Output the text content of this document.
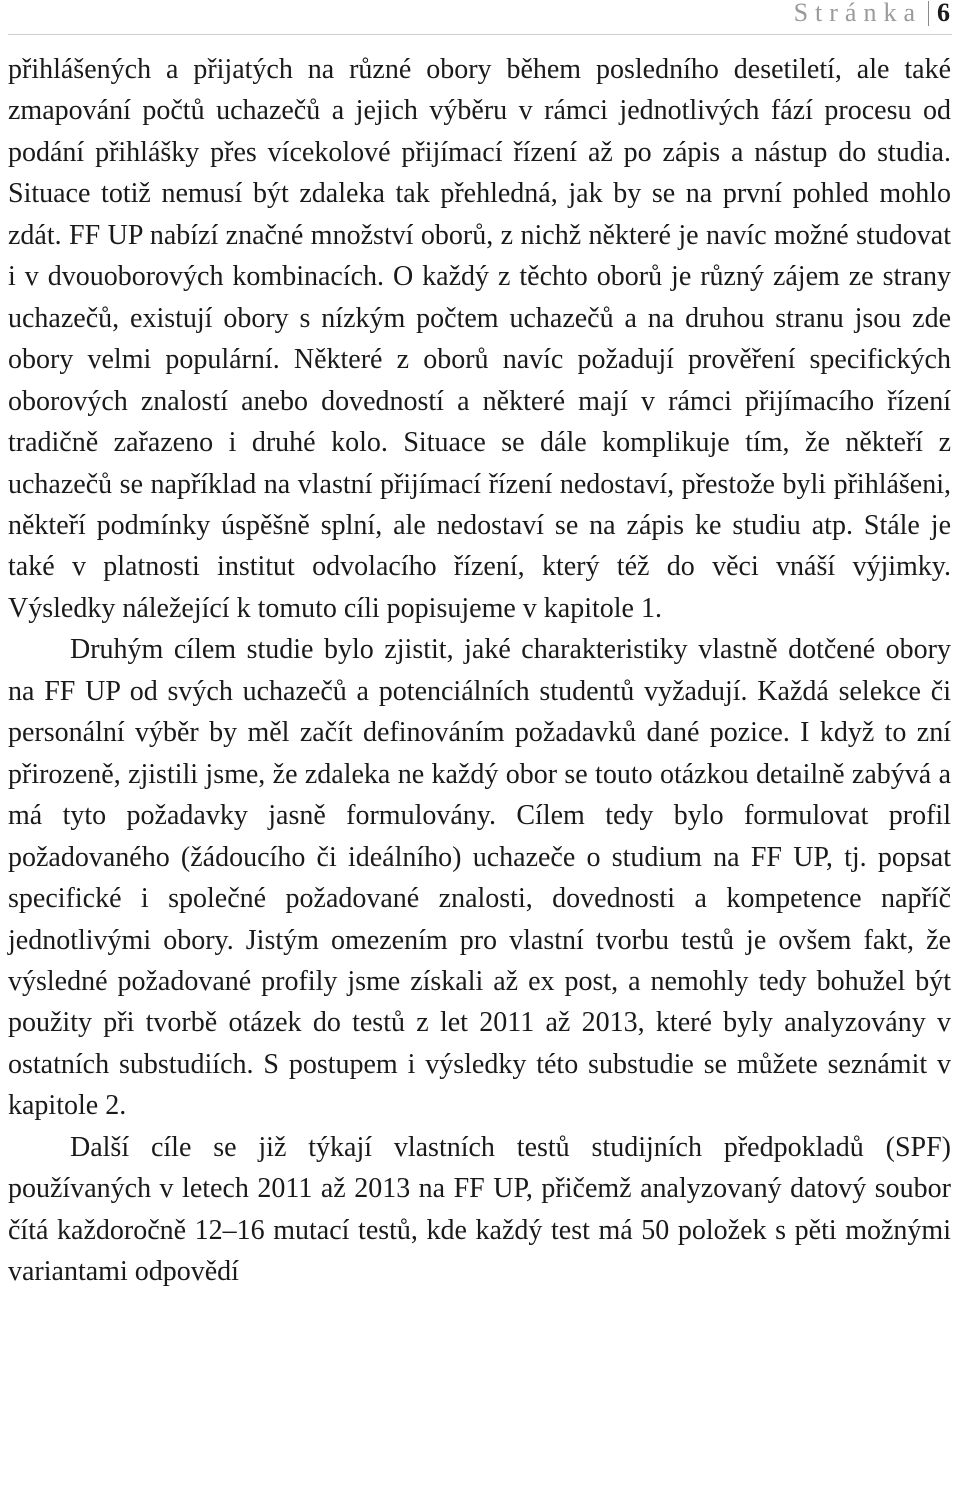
Stránka 6

přihlášených a přijatých na různé obory během posledního desetiletí, ale také zmapování počtů uchazečů a jejich výběru v rámci jednotlivých fází procesu od podání přihlášky přes vícekolové přijímací řízení až po zápis a nástup do studia. Situace totiž nemusí být zdaleka tak přehledná, jak by se na první pohled mohlo zdát. FF UP nabízí značné množství oborů, z nichž některé je navíc možné studovat i v dvouoborových kombinacích. O každý z těchto oborů je různý zájem ze strany uchazečů, existují obory s nízkým počtem uchazečů a na druhou stranu jsou zde obory velmi populární. Některé z oborů navíc požadují prověření specifických oborových znalostí anebo dovedností a některé mají v rámci přijímacího řízení tradičně zařazeno i druhé kolo. Situace se dále komplikuje tím, že někteří z uchazečů se například na vlastní přijímací řízení nedostaví, přestože byli přihlášeni, někteří podmínky úspěšně splní, ale nedostaví se na zápis ke studiu atp. Stále je také v platnosti institut odvolacího řízení, který též do věci vnáší výjimky. Výsledky náležející k tomuto cíli popisujeme v kapitole 1.

Druhým cílem studie bylo zjistit, jaké charakteristiky vlastně dotčené obory na FF UP od svých uchazečů a potenciálních studentů vyžadují. Každá selekce či personální výběr by měl začít definováním požadavků dané pozice. I když to zní přirozeně, zjistili jsme, že zdaleka ne každý obor se touto otázkou detailně zabývá a má tyto požadavky jasně formulovány. Cílem tedy bylo formulovat profil požadovaného (žádoucího či ideálního) uchazeče o studium na FF UP, tj. popsat specifické i společné požadované znalosti, dovednosti a kompetence napříč jednotlivými obory. Jistým omezením pro vlastní tvorbu testů je ovšem fakt, že výsledné požadované profily jsme získali až ex post, a nemohly tedy bohužel být použity při tvorbě otázek do testů z let 2011 až 2013, které byly analyzovány v ostatních substudiích. S postupem i výsledky této substudie se můžete seznámit v kapitole 2.

Další cíle se již týkají vlastních testů studijních předpokladů (SPF) používaných v letech 2011 až 2013 na FF UP, přičemž analyzovaný datový soubor čítá každoročně 12–16 mutací testů, kde každý test má 50 položek s pěti možnými variantami odpovědí
